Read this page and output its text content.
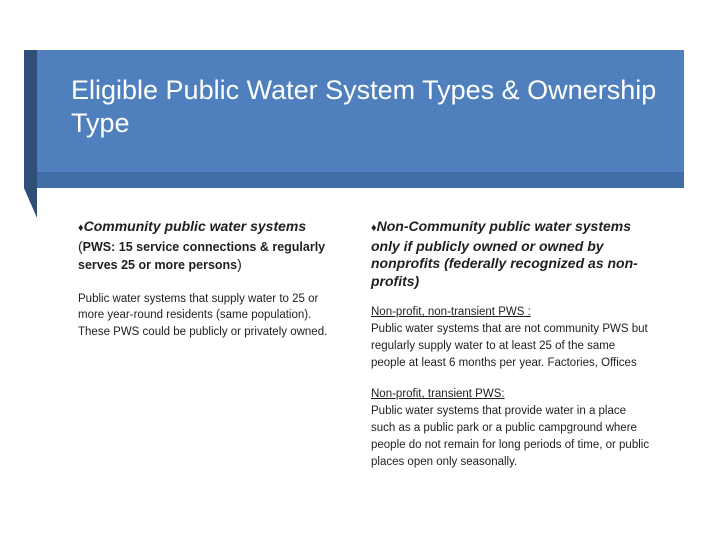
Eligible Public Water System Types & Ownership Type

♦Community public water systems (PWS: 15 service connections & regularly serves 25 or more persons)

Public water systems that supply water to 25 or more year-round residents (same population). These PWS could be publicly or privately owned.

♦Non-Community public water systems only if publicly owned or owned by nonprofits (federally recognized as non-profits)

Non-profit, non-transient PWS :
Public water systems that are not community PWS but regularly supply water to at least 25 of the same people at least 6 months per year. Factories, Offices
Non-profit, transient PWS:
Public water systems that provide water in a place such as a public park or a public campground where people do not remain for long periods of time, or public places open only seasonally.
